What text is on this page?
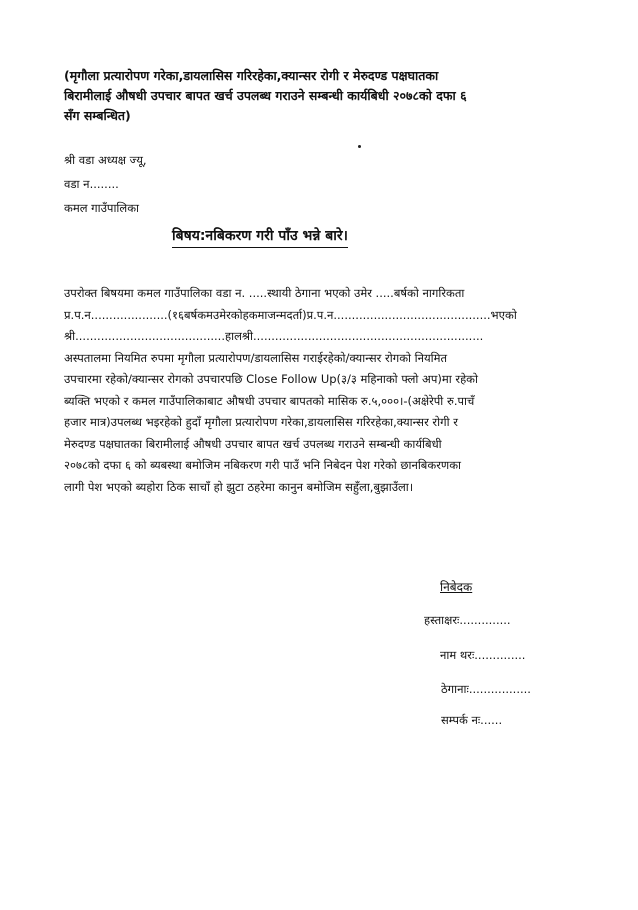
(मृगौला प्रत्यारोपण गरेका,डायलासिस गरिरहेका,क्यान्सर रोगी र मेरुदण्ड पक्षघातका
बिरामीलाई औषधी उपचार बापत खर्च उपलब्ध गराउने सम्बन्धी कार्यबिधी २०७८को दफा ६
सँग सम्बन्धित)
श्री वडा अध्यक्ष ज्यू,
वडा न........
कमल गाउँपालिका
बिषय:नबिकरण गरी पाँउ भन्ने बारे।
उपरोक्त बिषयमा कमल गाउँपालिका वडा न. .....स्थायी ठेगाना भएको उमेर .....बर्षको नागरिकता
प्र.प.न.....................(१६बर्षकमउमेरकोहकमाजन्मदर्ता)प्र.प.न...........................................भएको
श्री.........................................हालश्री...............................................................
अस्पतालमा नियमित रुपमा मृगौला प्रत्यारोपण/डायलासिस गराईरहेको/क्यान्सर रोगको नियमित
उपचारमा रहेको/क्यान्सर रोगको उपचारपछि Close Follow Up(३/३ महिनाको फ्लो अप)मा रहेको
ब्यक्ति भएको र कमल गाउँपालिकाबाट औषधी उपचार बापतको मासिक रु.५,०००।-(अक्षेरेपी रु.पाचँ
हजार मात्र)उपलब्ध भइरहेको हुदाँ मृगौला प्रत्यारोपण गरेका,डायलासिस गरिरहेका,क्यान्सर रोगी र
मेरुदण्ड पक्षघातका बिरामीलाई औषधी उपचार बापत खर्च उपलब्ध गराउने सम्बन्धी कार्यबिधी
२०७८को दफा ६ को ब्यबस्था बमोजिम नबिकरण गरी पाउँ भनि निबेदन पेश गरेको छानबिकरणका
लागी पेश भएको ब्यहोरा ठिक साचाँ हो झुटा ठहरेमा कानुन बमोजिम सहुँला,बुझाउँला।
निबेदक
हस्ताक्षरः..............
नाम थरः..............
ठेगानाः.................
सम्पर्क नः......
